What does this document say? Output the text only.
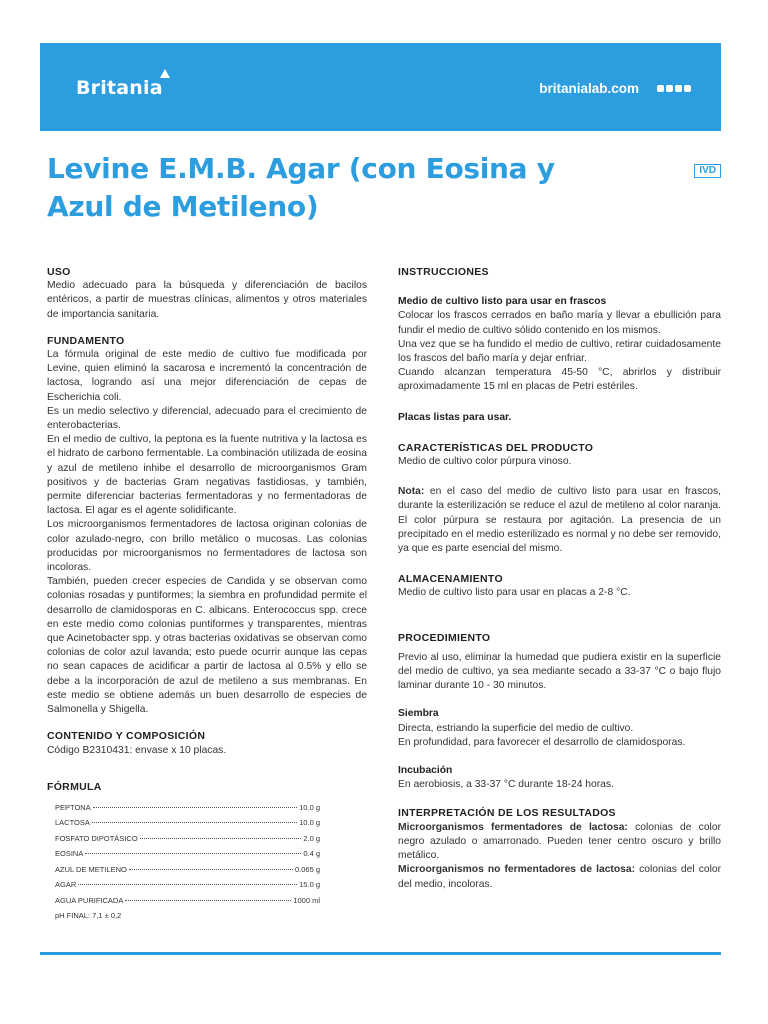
Britania	britanialab.com
REF B2310431
IVD
Levine E.M.B. Agar (con Eosina y Azul de Metileno)
USO

Medio adecuado para la búsqueda y diferenciación de bacilos entéricos, a partir de muestras clínicas, alimentos y otros materiales de importancia sanitaria.

FUNDAMENTO

La fórmula original de este medio de cultivo fue modificada por Levine, quien eliminó la sacarosa e incrementó la concentración de lactosa, logrando así una mejor diferenciación de cepas de Escherichia coli.

Es un medio selectivo y diferencial, adecuado para el crecimiento de enterobacterias.

En el medio de cultivo, la peptona es la fuente nutritiva y la lactosa es el hidrato de carbono fermentable. La combinación utilizada de eosina y azul de metileno inhibe el desarrollo de microorganismos Gram positivos y de bacterias Gram negativas fastidiosas, y también, permite diferenciar bacterias fermentadoras y no fermentadoras de lactosa. El agar es el agente solidificante.

Los microorganismos fermentadores de lactosa originan colonias de color azulado-negro, con brillo metálico o mucosas. Las colonias producidas por microorganismos no fermentadores de lactosa son incoloras.

También, pueden crecer especies de Candida y se observan como colonias rosadas y puntiformes; la siembra en profundidad permite el desarrollo de clamidosporas en C. albicans. Enterococcus spp. crece en este medio como colonias puntiformes y transparentes, mientras que Acinetobacter spp. y otras bacterias oxidativas se observan como colonias de color azul lavanda; esto puede ocurrir aunque las cepas no sean capaces de acidificar a partir de lactosa al 0.5% y ello se debe a la incorporación de azul de metileno a sus membranas. En este medio se obtiene además un buen desarrollo de especies de Salmonella y Shigella.

CONTENIDO Y COMPOSICIÓN

Código B2310431: envase x 10 placas.

FÓRMULA
PEPTONA	10.0 g
LACTOSA	10.0 g
FOSFATO DIPOTÁSICO	2.0 g
EOSINA	0.4 g
AZUL DE METILENO	0.065 g
AGAR	15.0 g
AGUA PURIFICADA	1000 ml
pH FINAL: 7,1 ± 0,2
INSTRUCCIONES
Medio de cultivo listo para usar en frascos

Colocar los frascos cerrados en baño maría y llevar a ebullición para fundir el medio de cultivo sólido contenido en los mismos.

Una vez que se ha fundido el medio de cultivo, retirar cuidadosamente los frascos del baño maría y dejar enfriar.

Cuando alcanzan temperatura 45-50 °C, abrirlos y distribuir aproximadamente 15 ml en placas de Petri estériles.

Placas listas para usar.
CARACTERÍSTICAS DEL PRODUCTO

Medio de cultivo color púrpura vinoso.

Nota: en el caso del medio de cultivo listo para usar en frascos, durante la esterilización se reduce el azul de metileno al color naranja. El color púrpura se restaura por agitación. La presencia de un precipitado en el medio esterilizado es normal y no debe ser removido, ya que es parte esencial del mismo.

ALMACENAMIENTO

Medio de cultivo listo para usar en placas a 2-8 °C.

PROCEDIMIENTO

Previo al uso, eliminar la humedad que pudiera existir en la superficie del medio de cultivo, ya sea mediante secado a 33-37 °C o bajo flujo laminar durante 10 - 30 minutos.

Siembra

Directa, estriando la superficie del medio de cultivo.

En profundidad, para favorecer el desarrollo de clamidosporas.

Incubación

En aerobiosis, a 33-37 °C durante 18-24 horas.

INTERPRETACIÓN DE LOS RESULTADOS

Microorganismos fermentadores de lactosa: colonias de color negro azulado o amarronado. Pueden tener centro oscuro y brillo metálico.

Microorganismos no fermentadores de lactosa: colonias del color del medio, incoloras.
